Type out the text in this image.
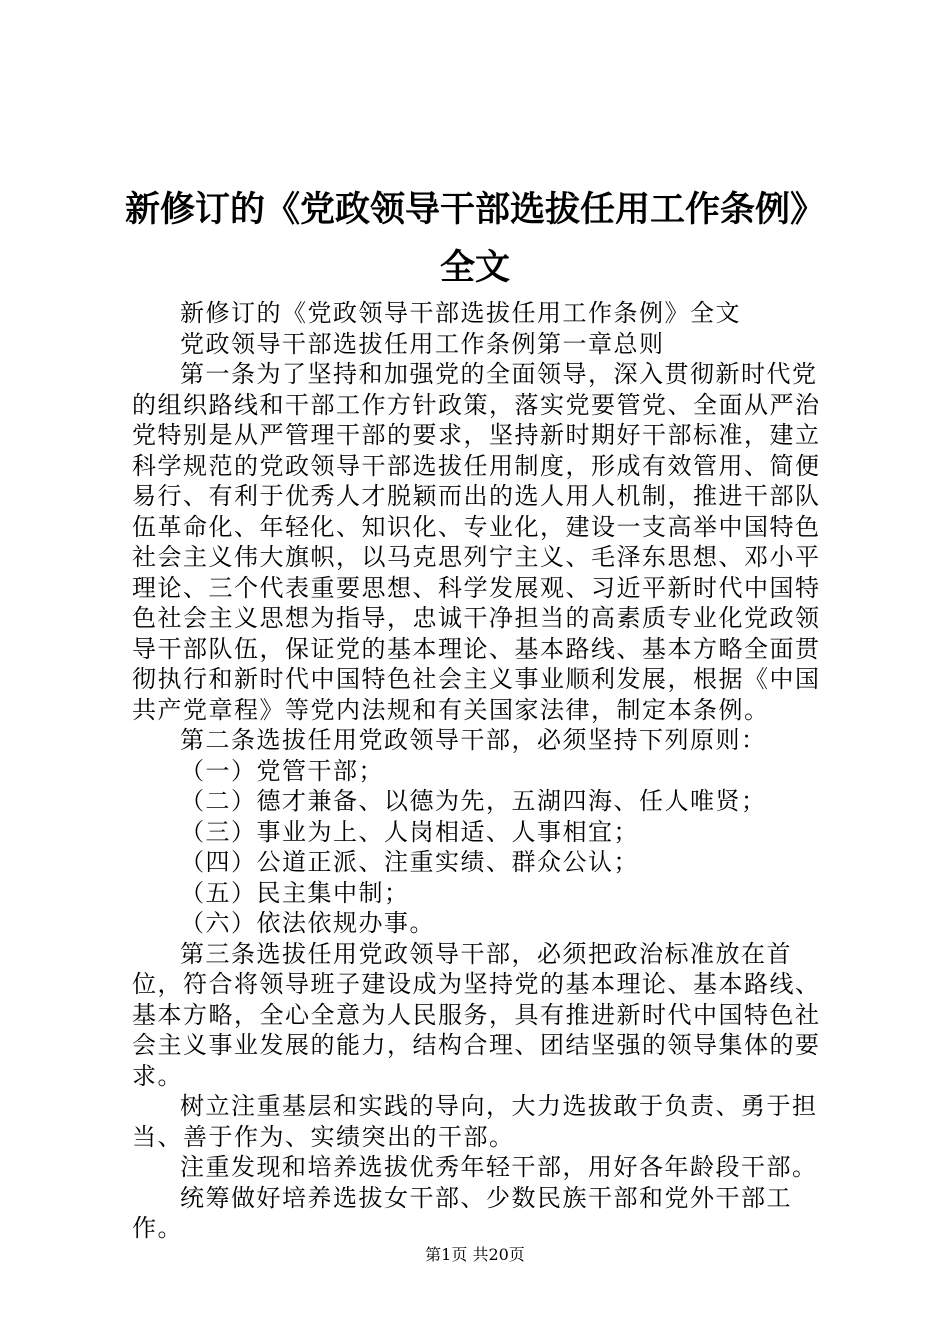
新修订的《党政领导干部选拔任用工作条例》
全文

新修订的《党政领导干部选拔任用工作条例》全文

党政领导干部选拔任用工作条例第一章总则

第一条为了坚持和加强党的全面领导，深入贯彻新时代党的组织路线和干部工作方针政策，落实党要管党、全面从严治党特别是从严管理干部的要求，坚持新时期好干部标准，建立科学规范的党政领导干部选拔任用制度，形成有效管用、简便易行、有利于优秀人才脱颖而出的选人用人机制，推进干部队伍革命化、年轻化、知识化、专业化，建设一支高举中国特色社会主义伟大旗帜，以马克思列宁主义、毛泽东思想、邓小平理论、三个代表重要思想、科学发展观、习近平新时代中国特色社会主义思想为指导，忠诚干净担当的高素质专业化党政领导干部队伍，保证党的基本理论、基本路线、基本方略全面贯彻执行和新时代中国特色社会主义事业顺利发展，根据《中国共产党章程》等党内法规和有关国家法律，制定本条例。

第二条选拔任用党政领导干部，必须坚持下列原则：

（一）党管干部；

（二）德才兼备、以德为先，五湖四海、任人唯贤；

（三）事业为上、人岗相适、人事相宜；

（四）公道正派、注重实绩、群众公认；

（五）民主集中制；

（六）依法依规办事。

第三条选拔任用党政领导干部，必须把政治标准放在首位，符合将领导班子建设成为坚持党的基本理论、基本路线、基本方略，全心全意为人民服务，具有推进新时代中国特色社会主义事业发展的能力，结构合理、团结坚强的领导集体的要求。

树立注重基层和实践的导向，大力选拔敢于负责、勇于担当、善于作为、实绩突出的干部。

注重发现和培养选拔优秀年轻干部，用好各年龄段干部。

统筹做好培养选拔女干部、少数民族干部和党外干部工作。

第1页 共20页
